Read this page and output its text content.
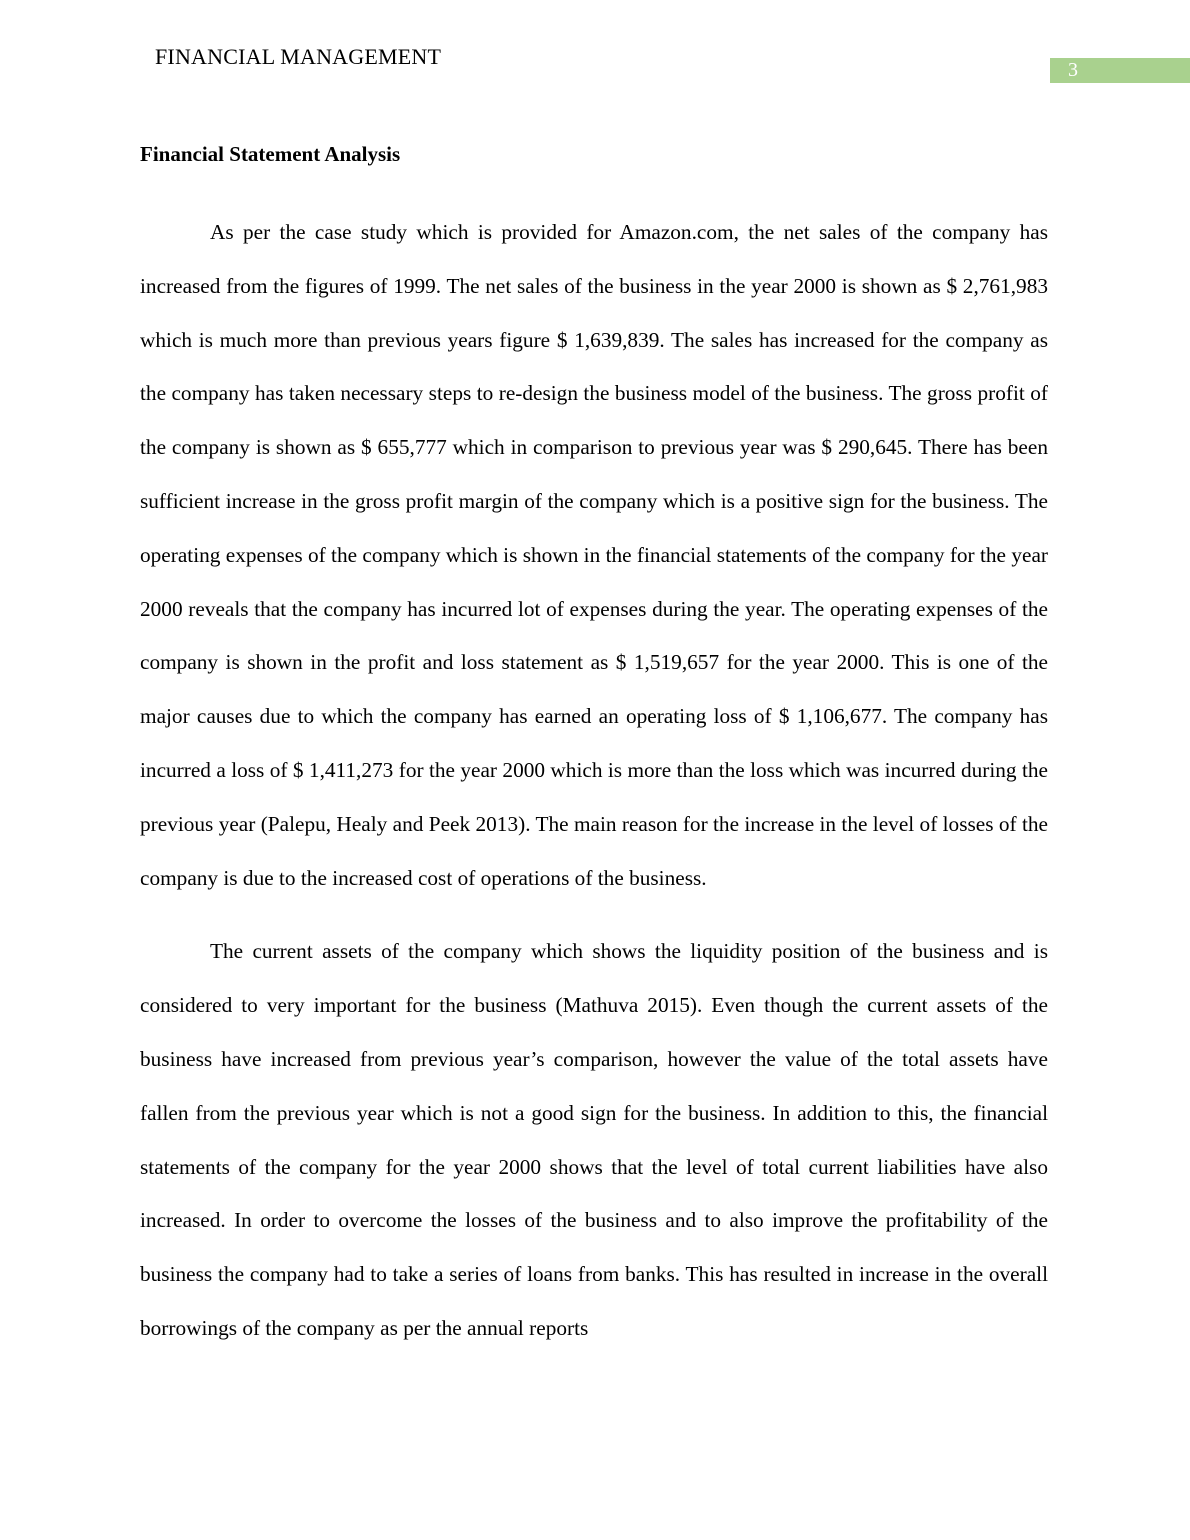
FINANCIAL MANAGEMENT
3
Financial Statement Analysis

As per the case study which is provided for Amazon.com, the net sales of the company has increased from the figures of 1999. The net sales of the business in the year 2000 is shown as $ 2,761,983 which is much more than previous years figure $ 1,639,839. The sales has increased for the company as the company has taken necessary steps to re-design the business model of the business. The gross profit of the company is shown as $ 655,777 which in comparison to previous year was $ 290,645. There has been sufficient increase in the gross profit margin of the company which is a positive sign for the business. The operating expenses of the company which is shown in the financial statements of the company for the year 2000 reveals that the company has incurred lot of expenses during the year. The operating expenses of the company is shown in the profit and loss statement as $ 1,519,657 for the year 2000. This is one of the major causes due to which the company has earned an operating loss of $ 1,106,677. The company has incurred a loss of $ 1,411,273 for the year 2000 which is more than the loss which was incurred during the previous year (Palepu, Healy and Peek 2013). The main reason for the increase in the level of losses of the company is due to the increased cost of operations of the business.

The current assets of the company which shows the liquidity position of the business and is considered to very important for the business (Mathuva 2015). Even though the current assets of the business have increased from previous year’s comparison, however the value of the total assets have fallen from the previous year which is not a good sign for the business. In addition to this, the financial statements of the company for the year 2000 shows that the level of total current liabilities have also increased. In order to overcome the losses of the business and to also improve the profitability of the business the company had to take a series of loans from banks. This has resulted in increase in the overall borrowings of the company as per the annual reports
